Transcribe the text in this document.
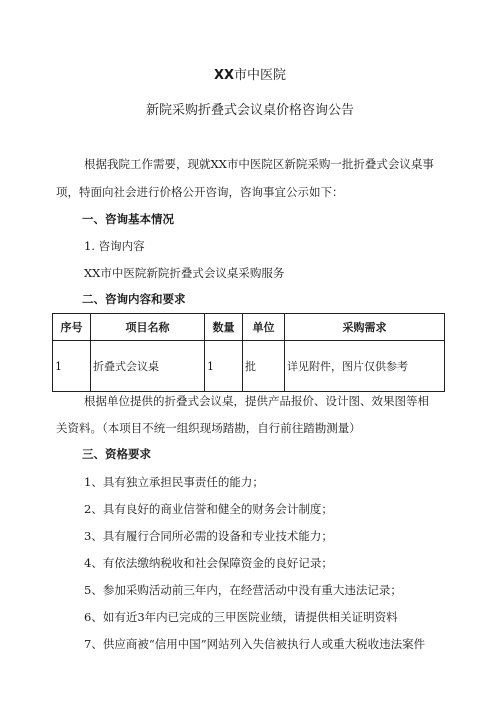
XX市中医院
新院采购折叠式会议桌价格咨询公告
根据我院工作需要，现就XX市中医院区新院采购一批折叠式会议桌事
项，特面向社会进行价格公开咨询，咨询事宜公示如下：
一、咨询基本情况
1. 咨询内容
XX市中医院新院折叠式会议桌采购服务
二、咨询内容和要求
序号	项目名称	数量	单位	采购需求
1	折叠式会议桌	1	批	详见附件，图片仅供参考
根据单位提供的折叠式会议桌，提供产品报价、设计图、效果图等相
关资料。（本项目不统一组织现场踏勘，自行前往踏勘测量）
三、资格要求
1、具有独立承担民事责任的能力；
2、具有良好的商业信誉和健全的财务会计制度；
3、具有履行合同所必需的设备和专业技术能力；
4、有依法缴纳税收和社会保障资金的良好记录；
5、参加采购活动前三年内，在经营活动中没有重大违法记录；
6、如有近3年内已完成的三甲医院业绩，请提供相关证明资料
7、供应商被“信用中国”网站列入失信被执行人或重大税收违法案件
